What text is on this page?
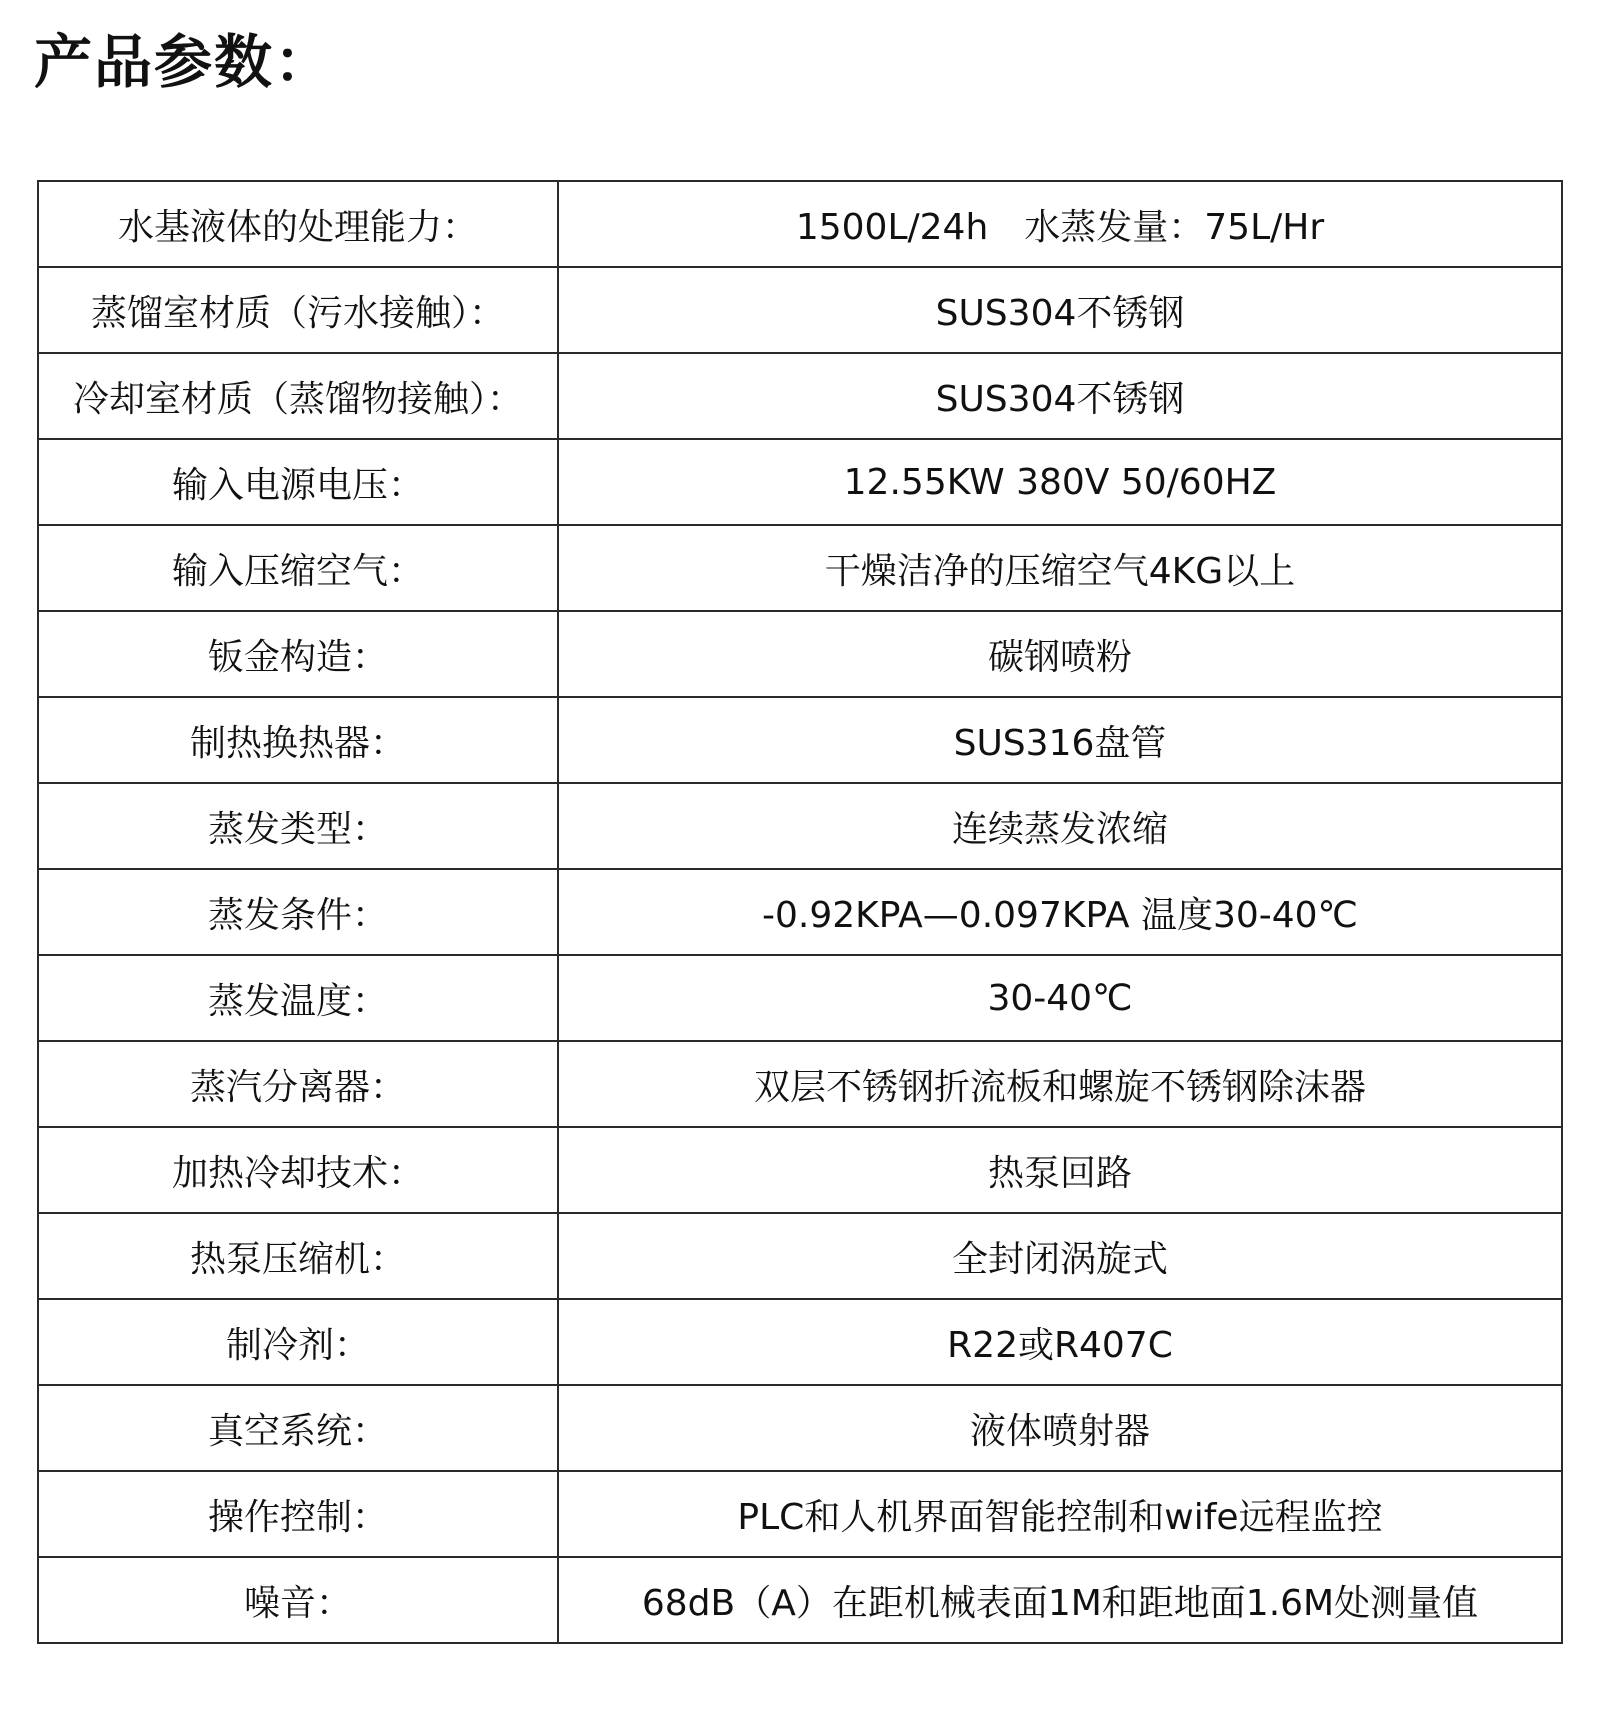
产品参数：
水基液体的处理能力：	1500L/24h　水蒸发量：75L/Hr
蒸馏室材质（污水接触）：	SUS304不锈钢
冷却室材质（蒸馏物接触）：	SUS304不锈钢
输入电源电压：	12.55KW 380V 50/60HZ
输入压缩空气：	干燥洁净的压缩空气4KG以上
钣金构造：	碳钢喷粉
制热换热器：	SUS316盘管
蒸发类型：	连续蒸发浓缩
蒸发条件：	-0.92KPA—0.097KPA 温度30-40℃
蒸发温度：	30-40℃
蒸汽分离器：	双层不锈钢折流板和螺旋不锈钢除沫器
加热冷却技术：	热泵回路
热泵压缩机：	全封闭涡旋式
制冷剂：	R22或R407C
真空系统：	液体喷射器
操作控制：	PLC和人机界面智能控制和wife远程监控
噪音：	68dB（A）在距机械表面1M和距地面1.6M处测量值
